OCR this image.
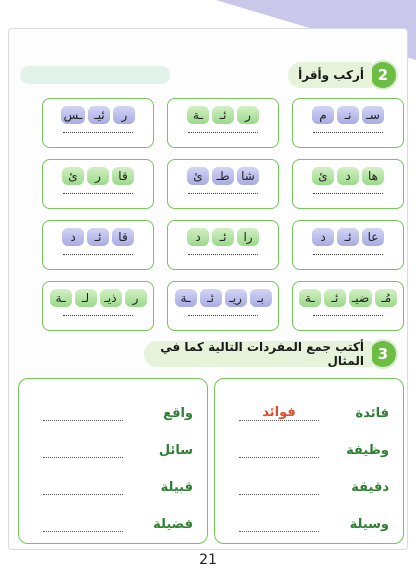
2
أركب وأقرأ
سـ
نـ
م
ر
ئـ
ـة
ر
ئيـ
ـس
ها
د
ئ
شا
طـ
ئ
قا
ر
ئ
عا
ئـ
د
را
ئـ
د
قا
ئـ
د
مُـ
ضيـ
ئـ
ـة
بـ
ريـ
ئـ
ـة
ر
ذيـ
لـ
ـة
3
أكتب جمع المفردات التالية كما في المثال
فائدة
فوائد
وظيفة
دقيقة
وسيلة
واقع
سائل
قبيلة
فضيلة
21
